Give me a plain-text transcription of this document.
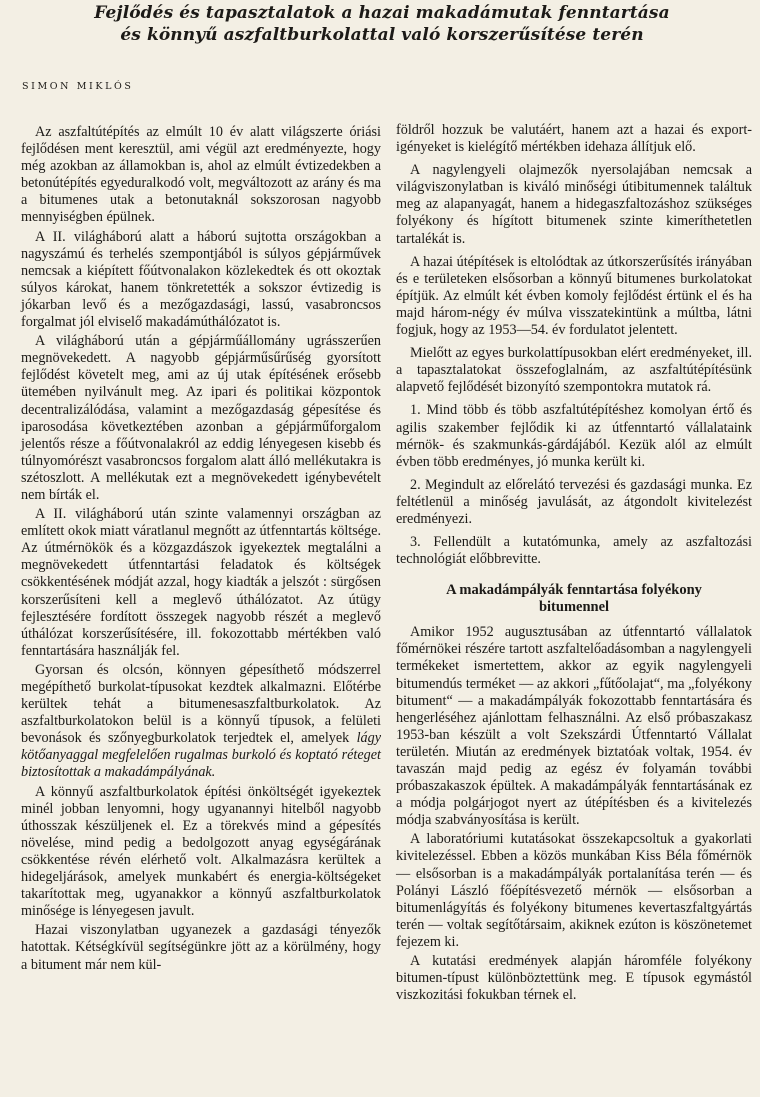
Fejlődés és tapasztalatok a hazai makadámutak fenntartása
és könnyű aszfaltburkolattal való korszerűsítése terén
SIMON MIKLÓS

Az aszfaltútépítés az elmúlt 10 év alatt világszerte óriási fejlődésen ment keresztül, ami végül azt eredményezte, hogy még azokban az államokban is, ahol az elmúlt évtizedekben a betonútépítés egyeduralkodó volt, megváltozott az arány és ma a bitumenes utak a betonutaknál sokszorosan nagyobb mennyiségben épülnek.

A II. világháború alatt a háború sujtotta országokban a nagyszámú és terhelés szempontjából is súlyos gépjárművek nemcsak a kiépített főútvonalakon közlekedtek és ott okoztak súlyos károkat, hanem tönkretették a sokszor évtizedig is jókarban levő és a mezőgazdasági, lassú, vasabroncsos forgalmat jól elviselő makadámúthálózatot is.

A világháború után a gépjárműállomány ugrásszerűen megnövekedett. A nagyobb gépjárműsűrűség gyorsított fejlődést követelt meg, ami az új utak építésének erősebb ütemében nyilvánult meg. Az ipari és politikai központok decentralizálódása, valamint a mezőgazdaság gépesítése és iparosodása következtében azonban a gépjárműforgalom jelentős része a főútvonalakról az eddig lényegesen kisebb és túlnyomórészt vasabroncsos forgalom alatt álló mellékutakra is szétoszlott. A mellékutak ezt a megnövekedett igénybevételt nem bírták el.

A II. világháború után szinte valamennyi országban az említett okok miatt váratlanul megnőtt az útfenntartás költsége. Az útmérnökök és a közgazdászok igyekeztek megtalálni a megnövekedett útfenntartási feladatok és költségek csökkentésének módját azzal, hogy kiadták a jelszót : sürgősen korszerűsíteni kell a meglevő úthálózatot. Az útügy fejlesztésére fordított összegek nagyobb részét a meglevő úthálózat korszerűsítésére, ill. fokozottabb mértékben való fenntartására használják fel.

Gyorsan és olcsón, könnyen gépesíthető módszerrel megépíthető burkolat-típusokat kezdtek alkalmazni. Előtérbe kerültek tehát a bitumenesaszfaltburkolatok. Az aszfaltburkolatokon belül is a könnyű típusok, a felületi bevonások és szőnyegburkolatok terjedtek el, amelyek lágy kötőanyaggal megfelelően rugalmas burkoló és koptató réteget biztosítottak a makadámpályának.

A könnyű aszfaltburkolatok építési önköltségét igyekeztek minél jobban lenyomni, hogy ugyanannyi hitelből nagyobb úthosszak készüljenek el. Ez a törekvés mind a gépesítés növelése, mind pedig a bedolgozott anyag egységárának csökkentése révén elérhető volt. Alkalmazásra kerültek a hidegeljárások, amelyek munkabért és energia-költségeket takarítottak meg, ugyanakkor a könnyű aszfaltburkolatok minősége is lényegesen javult.

Hazai viszonylatban ugyanezek a gazdasági tényezők hatottak. Kétségkívül segítségünkre jött az a körülmény, hogy a bitument már nem kül-

földről hozzuk be valutáért, hanem azt a hazai és export-igényeket is kielégítő mértékben idehaza állítjuk elő.

A nagylengyeli olajmezők nyersolajában nemcsak a világviszonylatban is kiváló minőségi útibitumennek találtuk meg az alapanyagát, hanem a hidegaszfaltozáshoz szükséges folyékony és hígított bitumenek szinte kimeríthetetlen tartalékát is.

A hazai útépítések is eltolódtak az útkorszerűsítés irányában és e területeken elsősorban a könnyű bitumenes burkolatokat építjük. Az elmúlt két évben komoly fejlődést értünk el és ha majd három-négy év múlva visszatekintünk a múltba, látni fogjuk, hogy az 1953—54. év fordulatot jelentett.

Mielőtt az egyes burkolattípusokban elért eredményeket, ill. a tapasztalatokat összefoglalnám, az aszfaltútépítésünk alapvető fejlődését bizonyító szempontokra mutatok rá.

1. Mind több és több aszfaltútépítéshez komolyan értő és agilis szakember fejlődik ki az útfenntartó vállalataink mérnök- és szakmunkás-gárdájából. Kezük alól az elmúlt évben több eredményes, jó munka került ki.

2. Megindult az előrelátó tervezési és gazdasági munka. Ez feltétlenül a minőség javulását, az átgondolt kivitelezést eredményezi.

3. Fellendült a kutatómunka, amely az aszfaltozási technológiát előbbrevitte.

A makadámpályák fenntartása folyékony
bitumennel

Amikor 1952 augusztusában az útfenntartó vállalatok főmérnökei részére tartott aszfaltelőadásomban a nagylengyeli termékeket ismertettem, akkor az egyik nagylengyeli bitumendús terméket — az akkori „fűtőolajat“, ma „folyékony bitument“ — a makadámpályák fokozottabb fenntartására és hengerléséhez ajánlottam felhasználni. Az első próbaszakasz 1953-ban készült a volt Szekszárdi Útfenntartó Vállalat területén. Miután az eredmények biztatóak voltak, 1954. év tavaszán majd pedig az egész év folyamán további próbaszakaszok épültek. A makadámpályák fenntartásának ez a módja polgárjogot nyert az útépítésben és a kivitelezés módja szabványosítása is került.

A laboratóriumi kutatásokat összekapcsoltuk a gyakorlati kivitelezéssel. Ebben a közös munkában Kiss Béla főmérnök — elsősorban is a makadámpályák portalanítása terén — és Polányi László főépítésvezető mérnök — elsősorban a bitumenlágyítás és folyékony bitumenes kevertaszfaltgyártás terén — voltak segítőtársaim, akiknek ezúton is köszönetemet fejezem ki.

A kutatási eredmények alapján háromféle folyékony bitumen-típust különböztettünk meg. E típusok egymástól viszkozitási fokukban térnek el.
